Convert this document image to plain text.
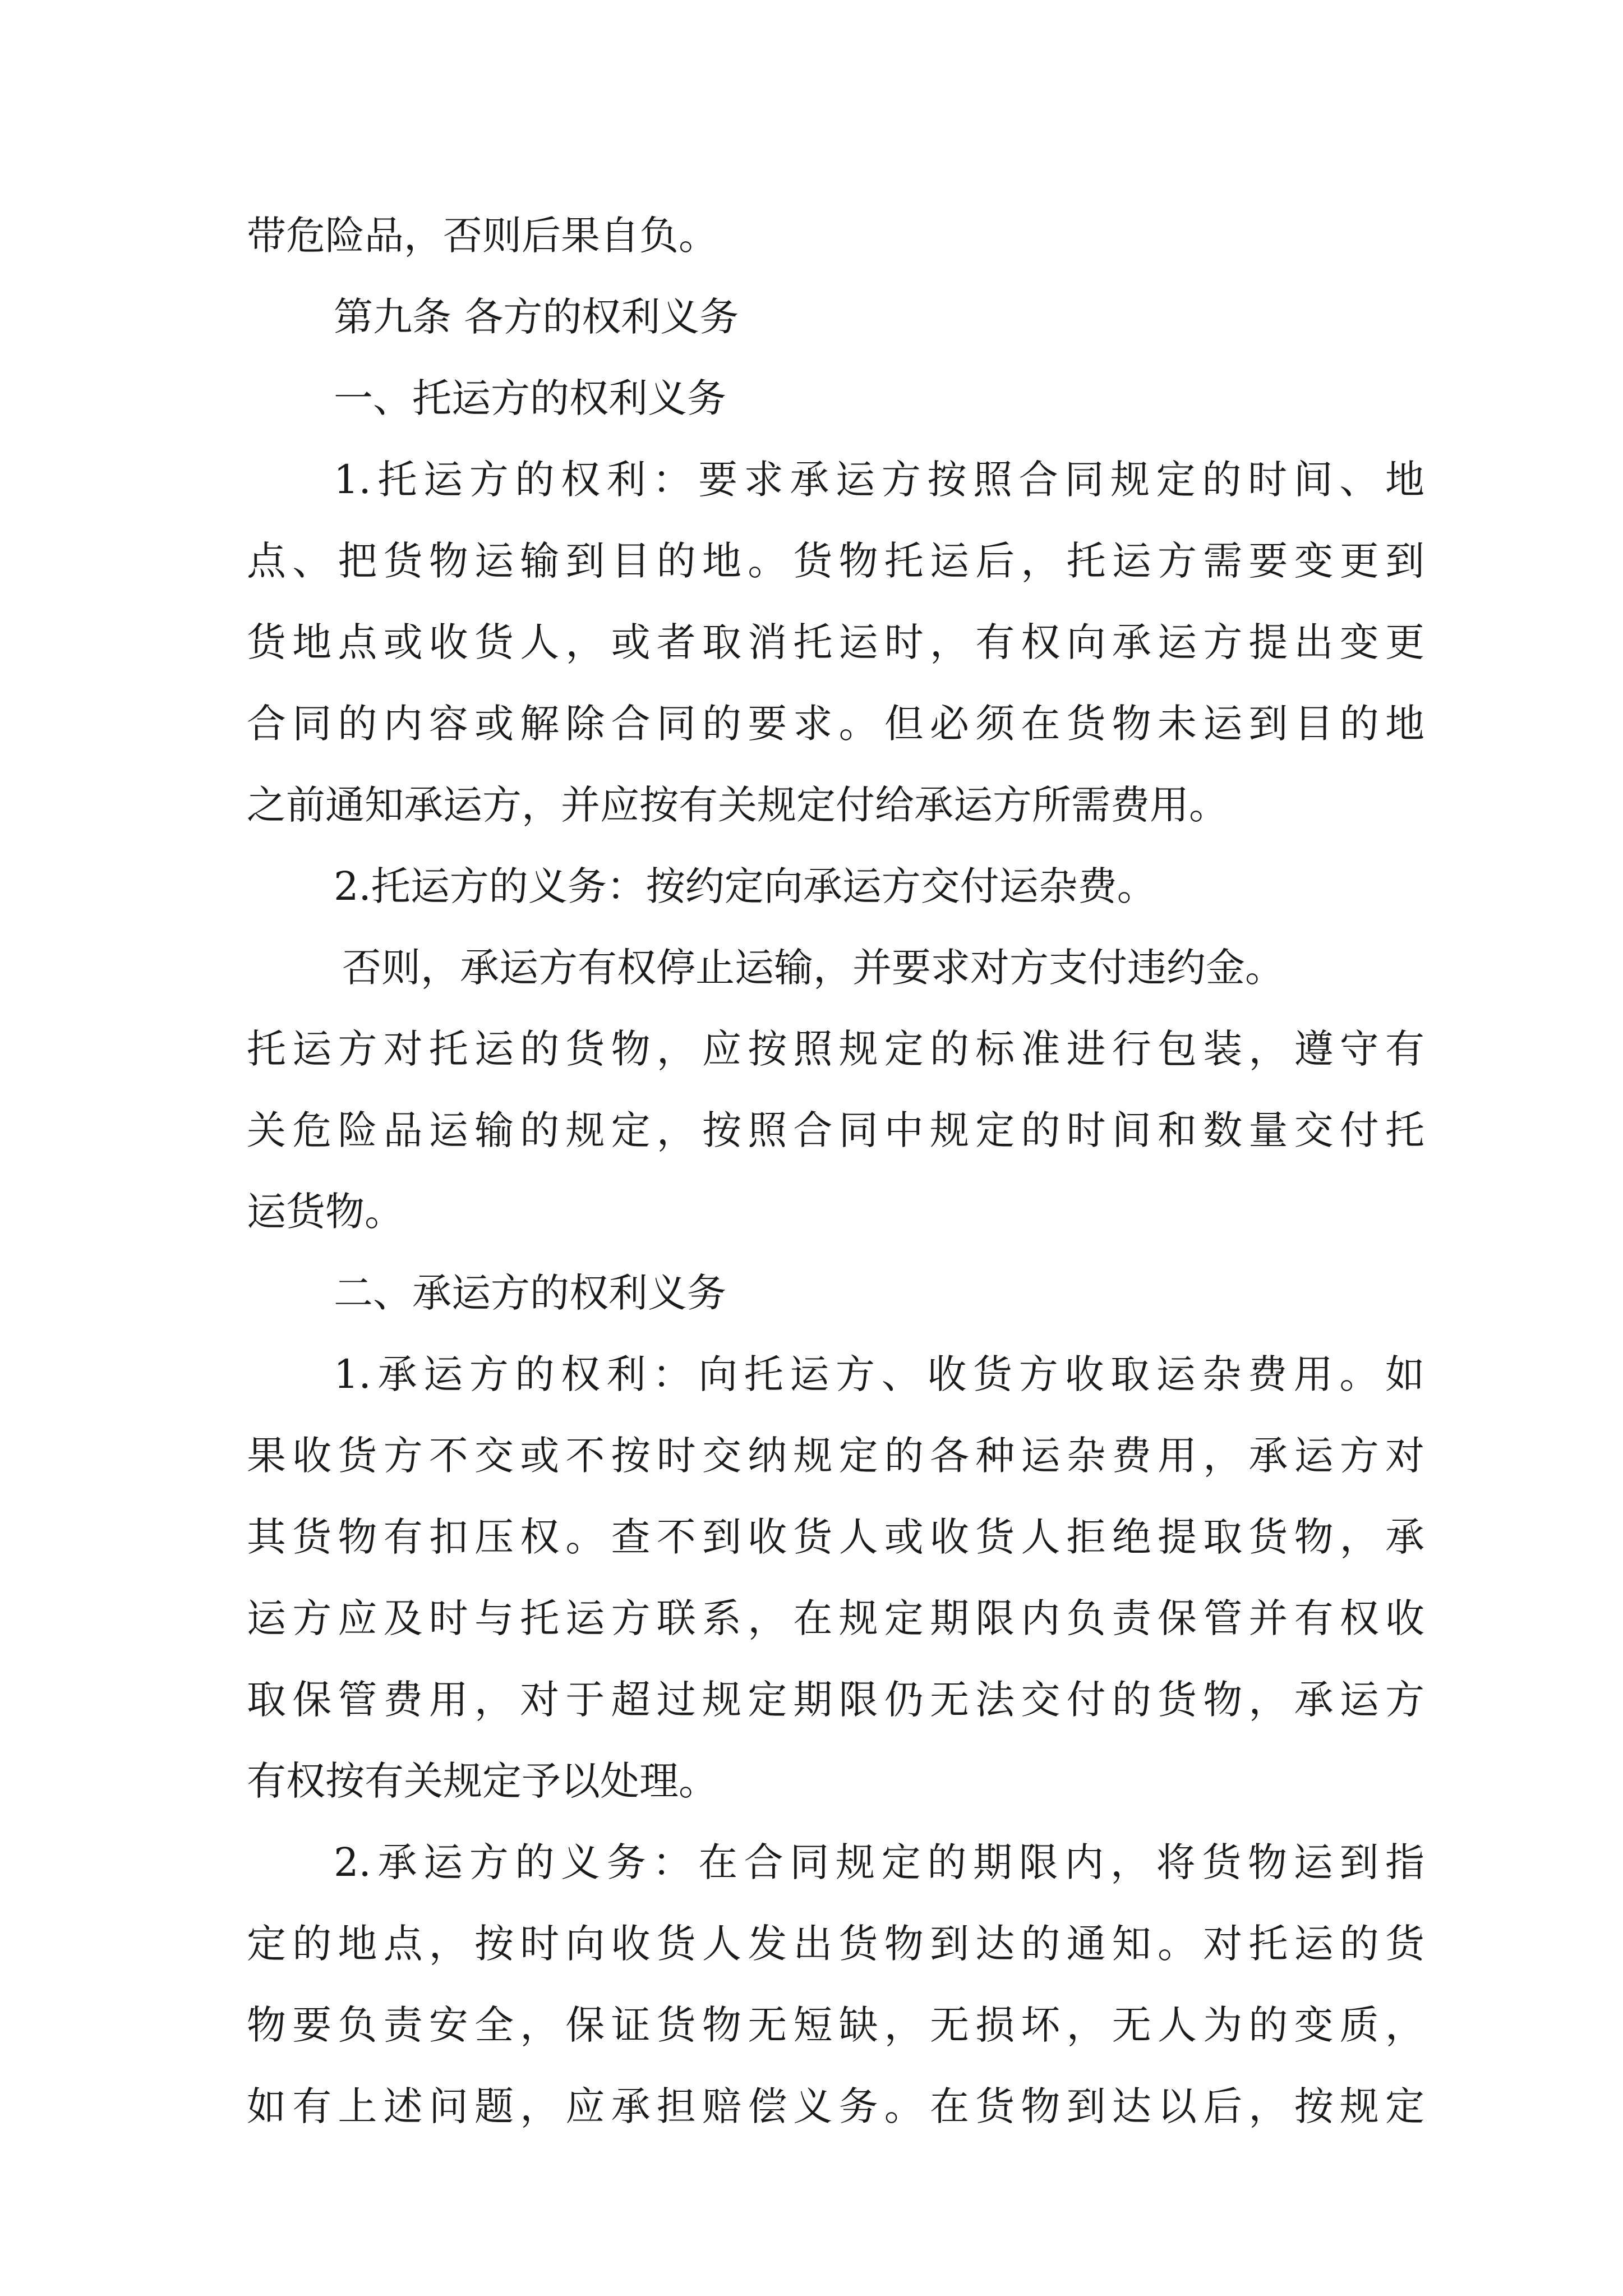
带危险品，否则后果自负。
第九条 各方的权利义务
一、托运方的权利义务
1.托运方的权利：要求承运方按照合同规定的时间、地
点、把货物运输到目的地。货物托运后，托运方需要变更到
货地点或收货人，或者取消托运时，有权向承运方提出变更
合同的内容或解除合同的要求。但必须在货物未运到目的地
之前通知承运方，并应按有关规定付给承运方所需费用。
2.托运方的义务：按约定向承运方交付运杂费。
否则，承运方有权停止运输，并要求对方支付违约金。
托运方对托运的货物，应按照规定的标准进行包装，遵守有
关危险品运输的规定，按照合同中规定的时间和数量交付托
运货物。
二、承运方的权利义务
1.承运方的权利：向托运方、收货方收取运杂费用。如
果收货方不交或不按时交纳规定的各种运杂费用，承运方对
其货物有扣压权。查不到收货人或收货人拒绝提取货物，承
运方应及时与托运方联系，在规定期限内负责保管并有权收
取保管费用，对于超过规定期限仍无法交付的货物，承运方
有权按有关规定予以处理。
2.承运方的义务：在合同规定的期限内，将货物运到指
定的地点，按时向收货人发出货物到达的通知。对托运的货
物要负责安全，保证货物无短缺，无损坏，无人为的变质，
如有上述问题，应承担赔偿义务。在货物到达以后，按规定
